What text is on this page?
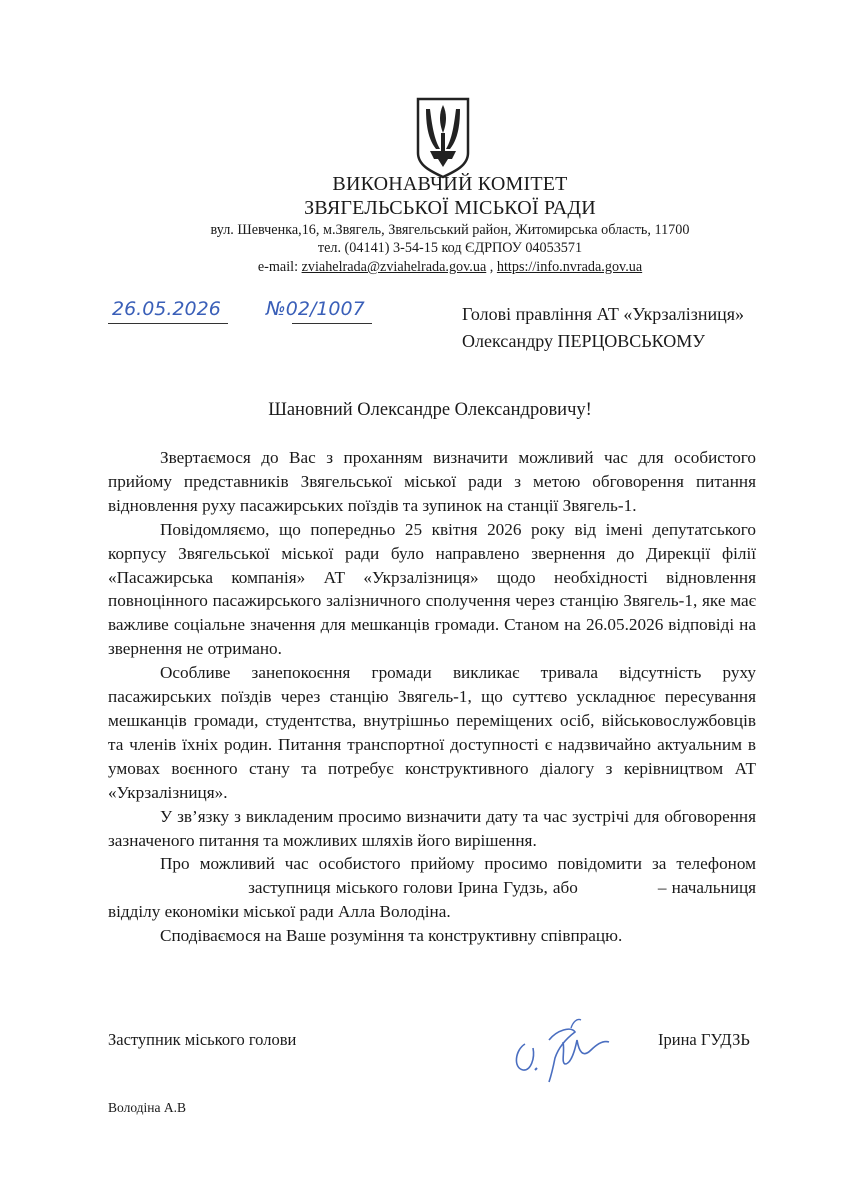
ВИКОНАВЧИЙ КОМІТЕТ
ЗВЯГЕЛЬСЬКОЇ МІСЬКОЇ РАДИ
вул. Шевченка,16, м.Звягель, Звягельський район, Житомирська область, 11700
тел. (04141) 3-54-15 код ЄДРПОУ 04053571
e-mail: zviahelrada@zviahelrada.gov.ua , https://info.nvrada.gov.ua
26.05.2026 №02/1007	Голові правління АТ «Укрзалізниця»
Олександру ПЕРЦОВСЬКОМУ
Шановний Олександре Олександровичу!

Звертаємося до Вас з проханням визначити можливий час для особистого прийому представників Звягельської міської ради з метою обговорення питання відновлення руху пасажирських поїздів та зупинок на станції Звягель-1.

Повідомляємо, що попередньо 25 квітня 2026 року від імені депутатського корпусу Звягельської міської ради було направлено звернення до Дирекції філії «Пасажирська компанія» АТ «Укрзалізниця» щодо необхідності відновлення повноцінного пасажирського залізничного сполучення через станцію Звягель-1, яке має важливе соціальне значення для мешканців громади. Станом на 26.05.2026 відповіді на звернення не отримано.

Особливе занепокоєння громади викликає тривала відсутність руху пасажирських поїздів через станцію Звягель-1, що суттєво ускладнює пересування мешканців громади, студентства, внутрішньо переміщених осіб, військовослужбовців та членів їхніх родин. Питання транспортної доступності є надзвичайно актуальним в умовах воєнного стану та потребує конструктивного діалогу з керівництвом АТ «Укрзалізниця».

У зв’язку з викладеним просимо визначити дату та час зустрічі для обговорення зазначеного питання та можливих шляхів його вирішення.

Про можливий час особистого прийому просимо повідомити за телефоном   заступниця міського голови Ірина Гудзь, або	– начальниця відділу економіки міської ради Алла Володіна.

Сподіваємося на Ваше розуміння та конструктивну співпрацю.

Заступник міського голови	Ірина ГУДЗЬ
Володіна А.В
